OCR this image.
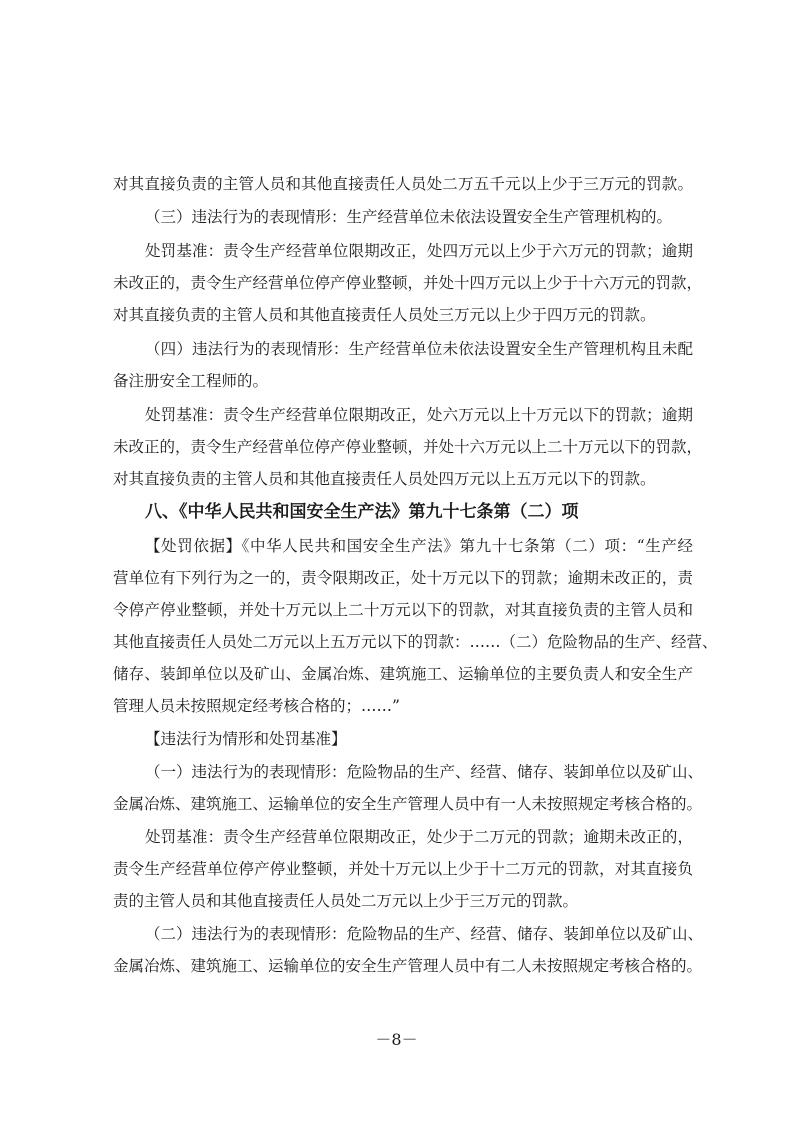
对其直接负责的主管人员和其他直接责任人员处二万五千元以上少于三万元的罚款。
（三）违法行为的表现情形：生产经营单位未依法设置安全生产管理机构的。
处罚基准：责令生产经营单位限期改正，处四万元以上少于六万元的罚款；逾期
未改正的，责令生产经营单位停产停业整顿，并处十四万元以上少于十六万元的罚款，
对其直接负责的主管人员和其他直接责任人员处三万元以上少于四万元的罚款。
（四）违法行为的表现情形：生产经营单位未依法设置安全生产管理机构且未配
备注册安全工程师的。
处罚基准：责令生产经营单位限期改正，处六万元以上十万元以下的罚款；逾期
未改正的，责令生产经营单位停产停业整顿，并处十六万元以上二十万元以下的罚款，
对其直接负责的主管人员和其他直接责任人员处四万元以上五万元以下的罚款。
八、《中华人民共和国安全生产法》第九十七条第（二）项
【处罚依据】《中华人民共和国安全生产法》第九十七条第（二）项：“生产经
营单位有下列行为之一的，责令限期改正，处十万元以下的罚款；逾期未改正的，责
令停产停业整顿，并处十万元以上二十万元以下的罚款，对其直接负责的主管人员和
其他直接责任人员处二万元以上五万元以下的罚款：……（二）危险物品的生产、经营、
储存、装卸单位以及矿山、金属冶炼、建筑施工、运输单位的主要负责人和安全生产
管理人员未按照规定经考核合格的；……”
【违法行为情形和处罚基准】
（一）违法行为的表现情形：危险物品的生产、经营、储存、装卸单位以及矿山、
金属冶炼、建筑施工、运输单位的安全生产管理人员中有一人未按照规定考核合格的。
处罚基准：责令生产经营单位限期改正，处少于二万元的罚款；逾期未改正的，
责令生产经营单位停产停业整顿，并处十万元以上少于十二万元的罚款，对其直接负
责的主管人员和其他直接责任人员处二万元以上少于三万元的罚款。
（二）违法行为的表现情形：危险物品的生产、经营、储存、装卸单位以及矿山、
金属冶炼、建筑施工、运输单位的安全生产管理人员中有二人未按照规定考核合格的。
－8－
